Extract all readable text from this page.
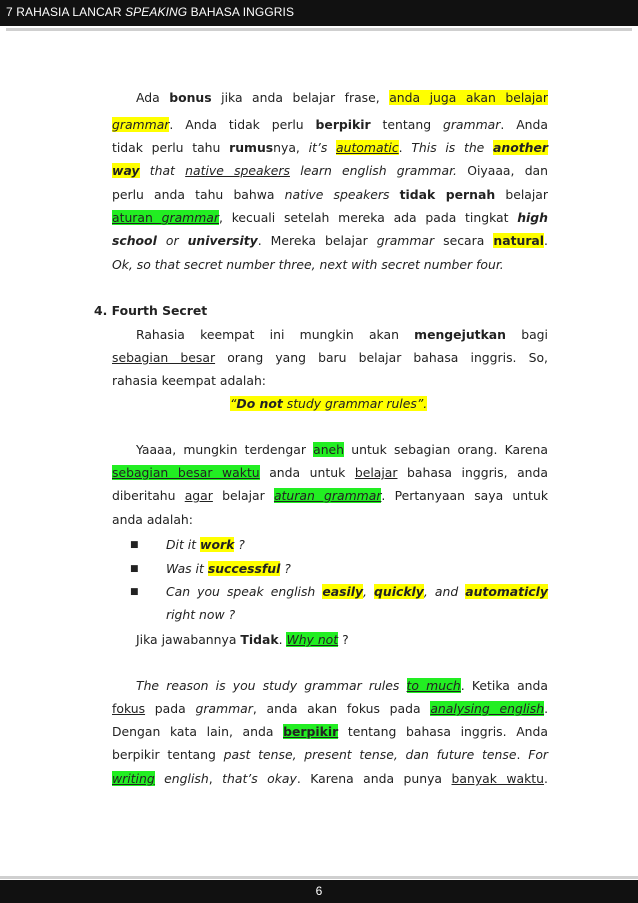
7 RAHASIA LANCAR SPEAKING BAHASA INGGRIS
Ada bonus jika anda belajar frase, anda juga akan belajar
grammar. Anda tidak perlu berpikir tentang grammar. Anda
tidak perlu tahu rumusnya, it’s automatic. This is the another
way that native speakers learn english grammar. Oiyaaa, dan
perlu anda tahu bahwa native speakers tidak pernah belajar
aturan grammar, kecuali setelah mereka ada pada tingkat high
school or university. Mereka belajar grammar secara natural.
Ok, so that secret number three, next with secret number four.
4. Fourth Secret
Rahasia keempat ini mungkin akan mengejutkan bagi
sebagian besar orang yang baru belajar bahasa inggris. So,
rahasia keempat adalah:
“Do not study grammar rules”.
Yaaaa, mungkin terdengar aneh untuk sebagian orang. Karena
sebagian besar waktu anda untuk belajar bahasa inggris, anda
diberitahu agar belajar aturan grammar. Pertanyaan saya untuk
anda adalah:
■ Dit it work ?
■ Was it successful ?
■ Can you speak english easily, quickly, and automaticly
right now ?
Jika jawabannya Tidak. Why not ?
The reason is you study grammar rules to much. Ketika anda
fokus pada grammar, anda akan fokus pada analysing english.
Dengan kata lain, anda berpikir tentang bahasa inggris. Anda
berpikir tentang past tense, present tense, dan future tense. For
writing english, that’s okay. Karena anda punya banyak waktu.
6
